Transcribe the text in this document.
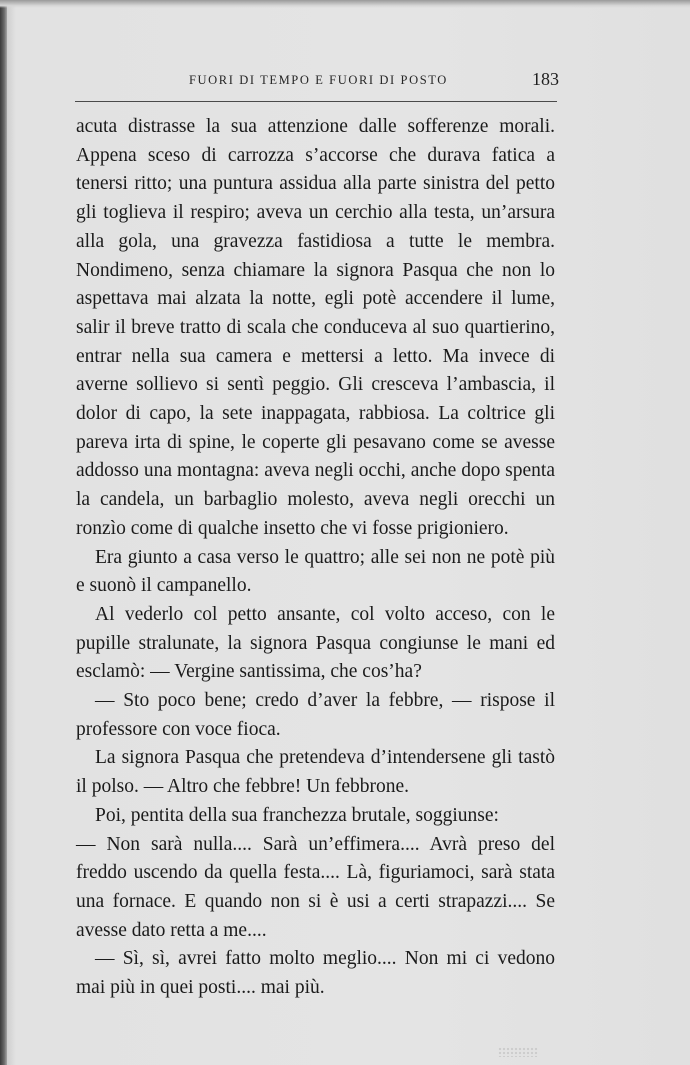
FUORI DI TEMPO E FUORI DI POSTO	183

acuta distrasse la sua attenzione dalle sofferenze morali. Appena sceso di carrozza s’accorse che durava fatica a tenersi ritto; una puntura assidua alla parte sinistra del petto gli toglieva il respiro; aveva un cerchio alla testa, un’arsura alla gola, una gravezza fastidiosa a tutte le membra. Nondimeno, senza chiamare la signora Pasqua che non lo aspettava mai alzata la notte, egli potè accendere il lume, salir il breve tratto di scala che conduceva al suo quartierino, entrar nella sua camera e mettersi a letto. Ma invece di averne sollievo si sentì peggio. Gli cresceva l’ambascia, il dolor di capo, la sete inappagata, rabbiosa. La coltrice gli pareva irta di spine, le coperte gli pesavano come se avesse addosso una montagna: aveva negli occhi, anche dopo spenta la candela, un barbaglio molesto, aveva negli orecchi un ronzìo come di qualche insetto che vi fosse prigioniero.

Era giunto a casa verso le quattro; alle sei non ne potè più e suonò il campanello.

Al vederlo col petto ansante, col volto acceso, con le pupille stralunate, la signora Pasqua congiunse le mani ed esclamò: — Vergine santissima, che cos’ha?

— Sto poco bene; credo d’aver la febbre, — rispose il professore con voce fioca.

La signora Pasqua che pretendeva d’intendersene gli tastò il polso. — Altro che febbre! Un febbrone.

Poi, pentita della sua franchezza brutale, soggiunse:

— Non sarà nulla.... Sarà un’effimera.... Avrà preso del freddo uscendo da quella festa.... Là, figuriamoci, sarà stata una fornace. E quando non si è usi a certi strapazzi.... Se avesse dato retta a me....

— Sì, sì, avrei fatto molto meglio.... Non mi ci vedono mai più in quei posti.... mai più.
